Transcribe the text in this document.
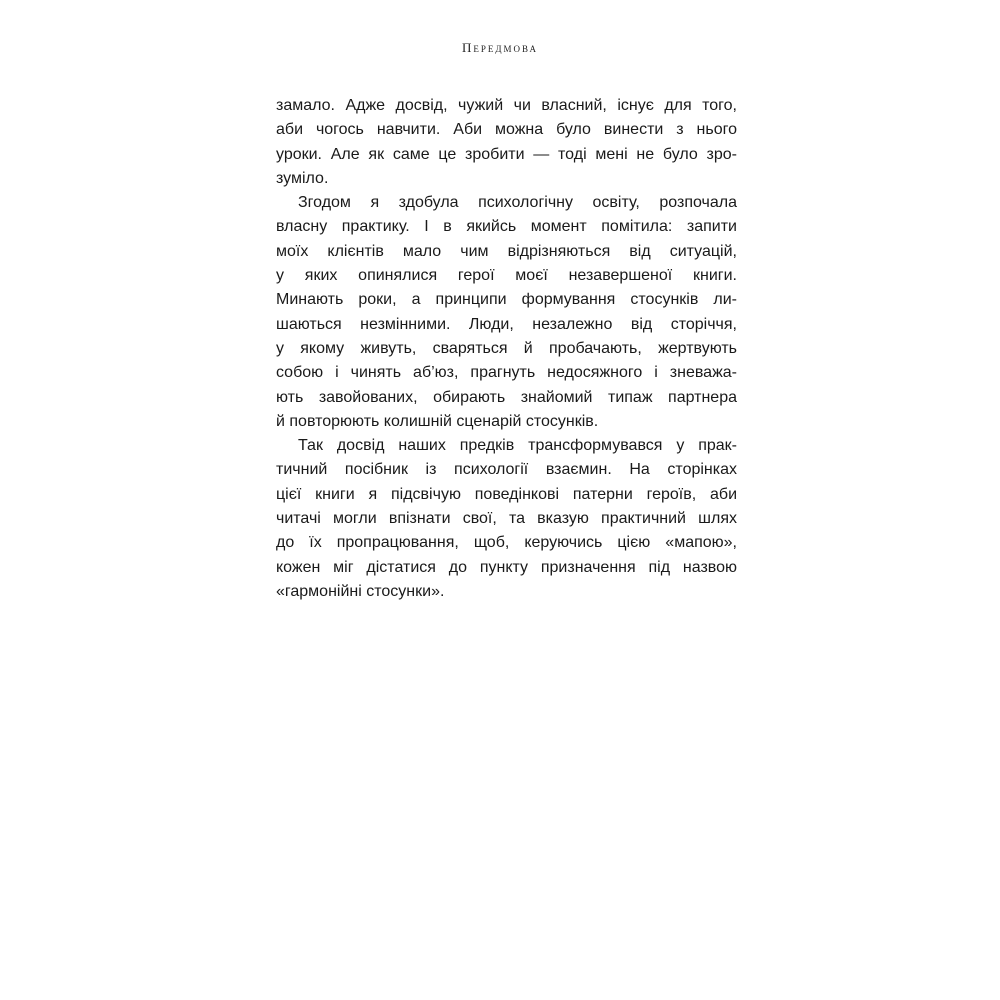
Передмова
замало. Адже досвід, чужий чи власний, існує для того,
аби чогось навчити. Аби можна було винести з нього
уроки. Але як саме це зробити — тоді мені не було зро-
зуміло.
Згодом я здобула психологічну освіту, розпочала
власну практику. І в якийсь момент помітила: запити
моїх клієнтів мало чим відрізняються від ситуацій,
у яких опинялися герої моєї незавершеної книги.
Минають роки, а принципи формування стосунків ли-
шаються незмінними. Люди, незалежно від сторіччя,
у якому живуть, сваряться й пробачають, жертвують
собою і чинять аб’юз, прагнуть недосяжного і зневажа-
ють завойованих, обирають знайомий типаж партнера
й повторюють колишній сценарій стосунків.
Так досвід наших предків трансформувався у прак-
тичний посібник із психології взаємин. На сторінках
цієї книги я підсвічую поведінкові патерни героїв, аби
читачі могли впізнати свої, та вказую практичний шлях
до їх пропрацювання, щоб, керуючись цією «мапою»,
кожен міг дістатися до пункту призначення під назвою
«гармонійні стосунки».
